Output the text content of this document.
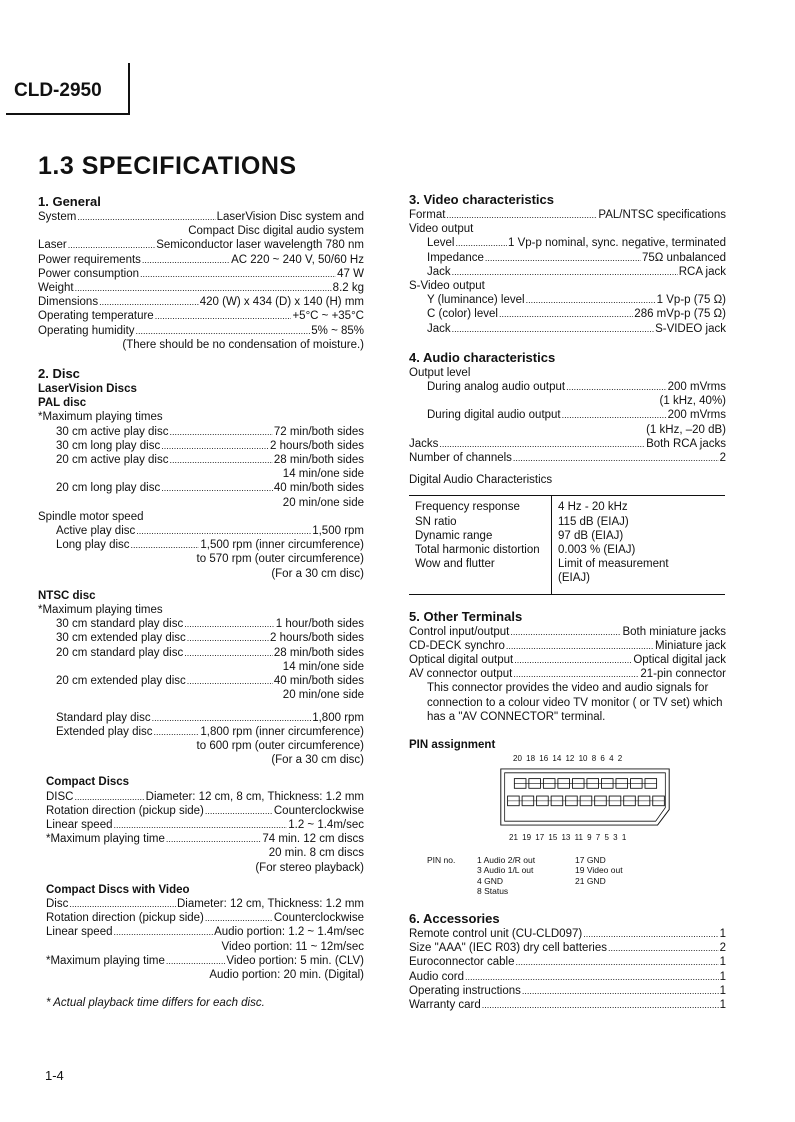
CLD-2950
1.3 SPECIFICATIONS
1. General
System .....	LaserVision Disc system and
Compact Disc digital audio system
Laser .....	Semiconductor laser wavelength 780 nm
Power requirements .....	AC 220 ~ 240 V, 50/60 Hz
Power consumption .....	47 W
Weight .....	8.2 kg
Dimensions .....	420 (W) x 434 (D) x 140 (H) mm
Operating temperature .....	+5°C ~ +35°C
Operating humidity .....	5% ~ 85%
(There should be no condensation of moisture.)
2. Disc
LaserVision Discs
PAL disc
*Maximum playing times
30 cm active play disc .....	72 min/both sides
30 cm long play disc .....	2 hours/both sides
20 cm active play disc .....	28 min/both sides
14 min/one side
20 cm long play disc .....	40 min/both sides
20 min/one side
Spindle motor speed
Active play disc .....	1,500 rpm
Long play disc .....	1,500 rpm (inner circumference)
to 570 rpm (outer circumference)
(For a 30 cm disc)
NTSC disc
*Maximum playing times
30 cm standard play disc .....	1 hour/both sides
30 cm extended play disc .....	2 hours/both sides
20 cm standard play disc .....	28 min/both sides
14 min/one side
20 cm extended play disc .....	40 min/both sides
20 min/one side
Standard play disc .....	1,800 rpm
Extended play disc .....	1,800 rpm (inner circumference)
to 600 rpm (outer circumference)
(For a 30 cm disc)
Compact Discs
DISC .....	Diameter: 12 cm, 8 cm, Thickness: 1.2 mm
Rotation direction (pickup side) .....	Counterclockwise
Linear speed .....	1.2 ~ 1.4m/sec
*Maximum playing time .....	74 min. 12 cm discs
20 min. 8 cm discs
(For stereo playback)
Compact Discs with Video
Disc .....	Diameter: 12 cm, Thickness: 1.2 mm
Rotation direction (pickup side) .....	Counterclockwise
Linear speed .....	Audio portion: 1.2 ~ 1.4m/sec
Video portion: 11 ~ 12m/sec
*Maximum playing time .....	Video portion: 5 min. (CLV)
Audio portion: 20 min. (Digital)
* Actual playback time differs for each disc.
3. Video characteristics
Format .....	PAL/NTSC specifications
Video output
Level .....	1 Vp-p nominal, sync. negative, terminated
Impedance .....	75Ω unbalanced
Jack .....	RCA jack
S-Video output
Y (luminance) level .....	1 Vp-p (75 Ω)
C (color) level .....	286 mVp-p (75 Ω)
Jack .....	S-VIDEO jack
4. Audio characteristics
Output level
During analog audio output .....	200 mVrms
(1 kHz, 40%)
During digital audio output .....	200 mVrms
(1 kHz, –20 dB)
Jacks .....	Both RCA jacks
Number of channels .....	2
Digital Audio Characteristics

Frequency response	4 Hz - 20 kHz
SN ratio	115 dB (EIAJ)
Dynamic range	97 dB (EIAJ)
Total harmonic distortion	0.003 % (EIAJ)
Wow and flutter	Limit of measurement
	(EIAJ)

5. Other Terminals
Control input/output .....	Both miniature jacks
CD-DECK synchro .....	Miniature jack
Optical digital output .....	Optical digital jack
AV connector output .....	21-pin connector
This connector provides the video and audio signals for
connection to a colour video TV monitor ( or TV set) which
has a "AV CONNECTOR" terminal.
PIN assignment
20 18 16 14 12 10 8 6 4 2
21 19 17 15 13 11 9 7 5 3 1
PIN no.	1 Audio 2/R out
3 Audio 1/L out
4 GND
8 Status
17 GND
19 Video out
21 GND
6. Accessories
Remote control unit (CU-CLD097) .....	1
Size "AAA" (IEC R03) dry cell batteries .....	2
Euroconnector cable .....	1
Audio cord .....	1
Operating instructions .....	1
Warranty card .....	1
1-4
